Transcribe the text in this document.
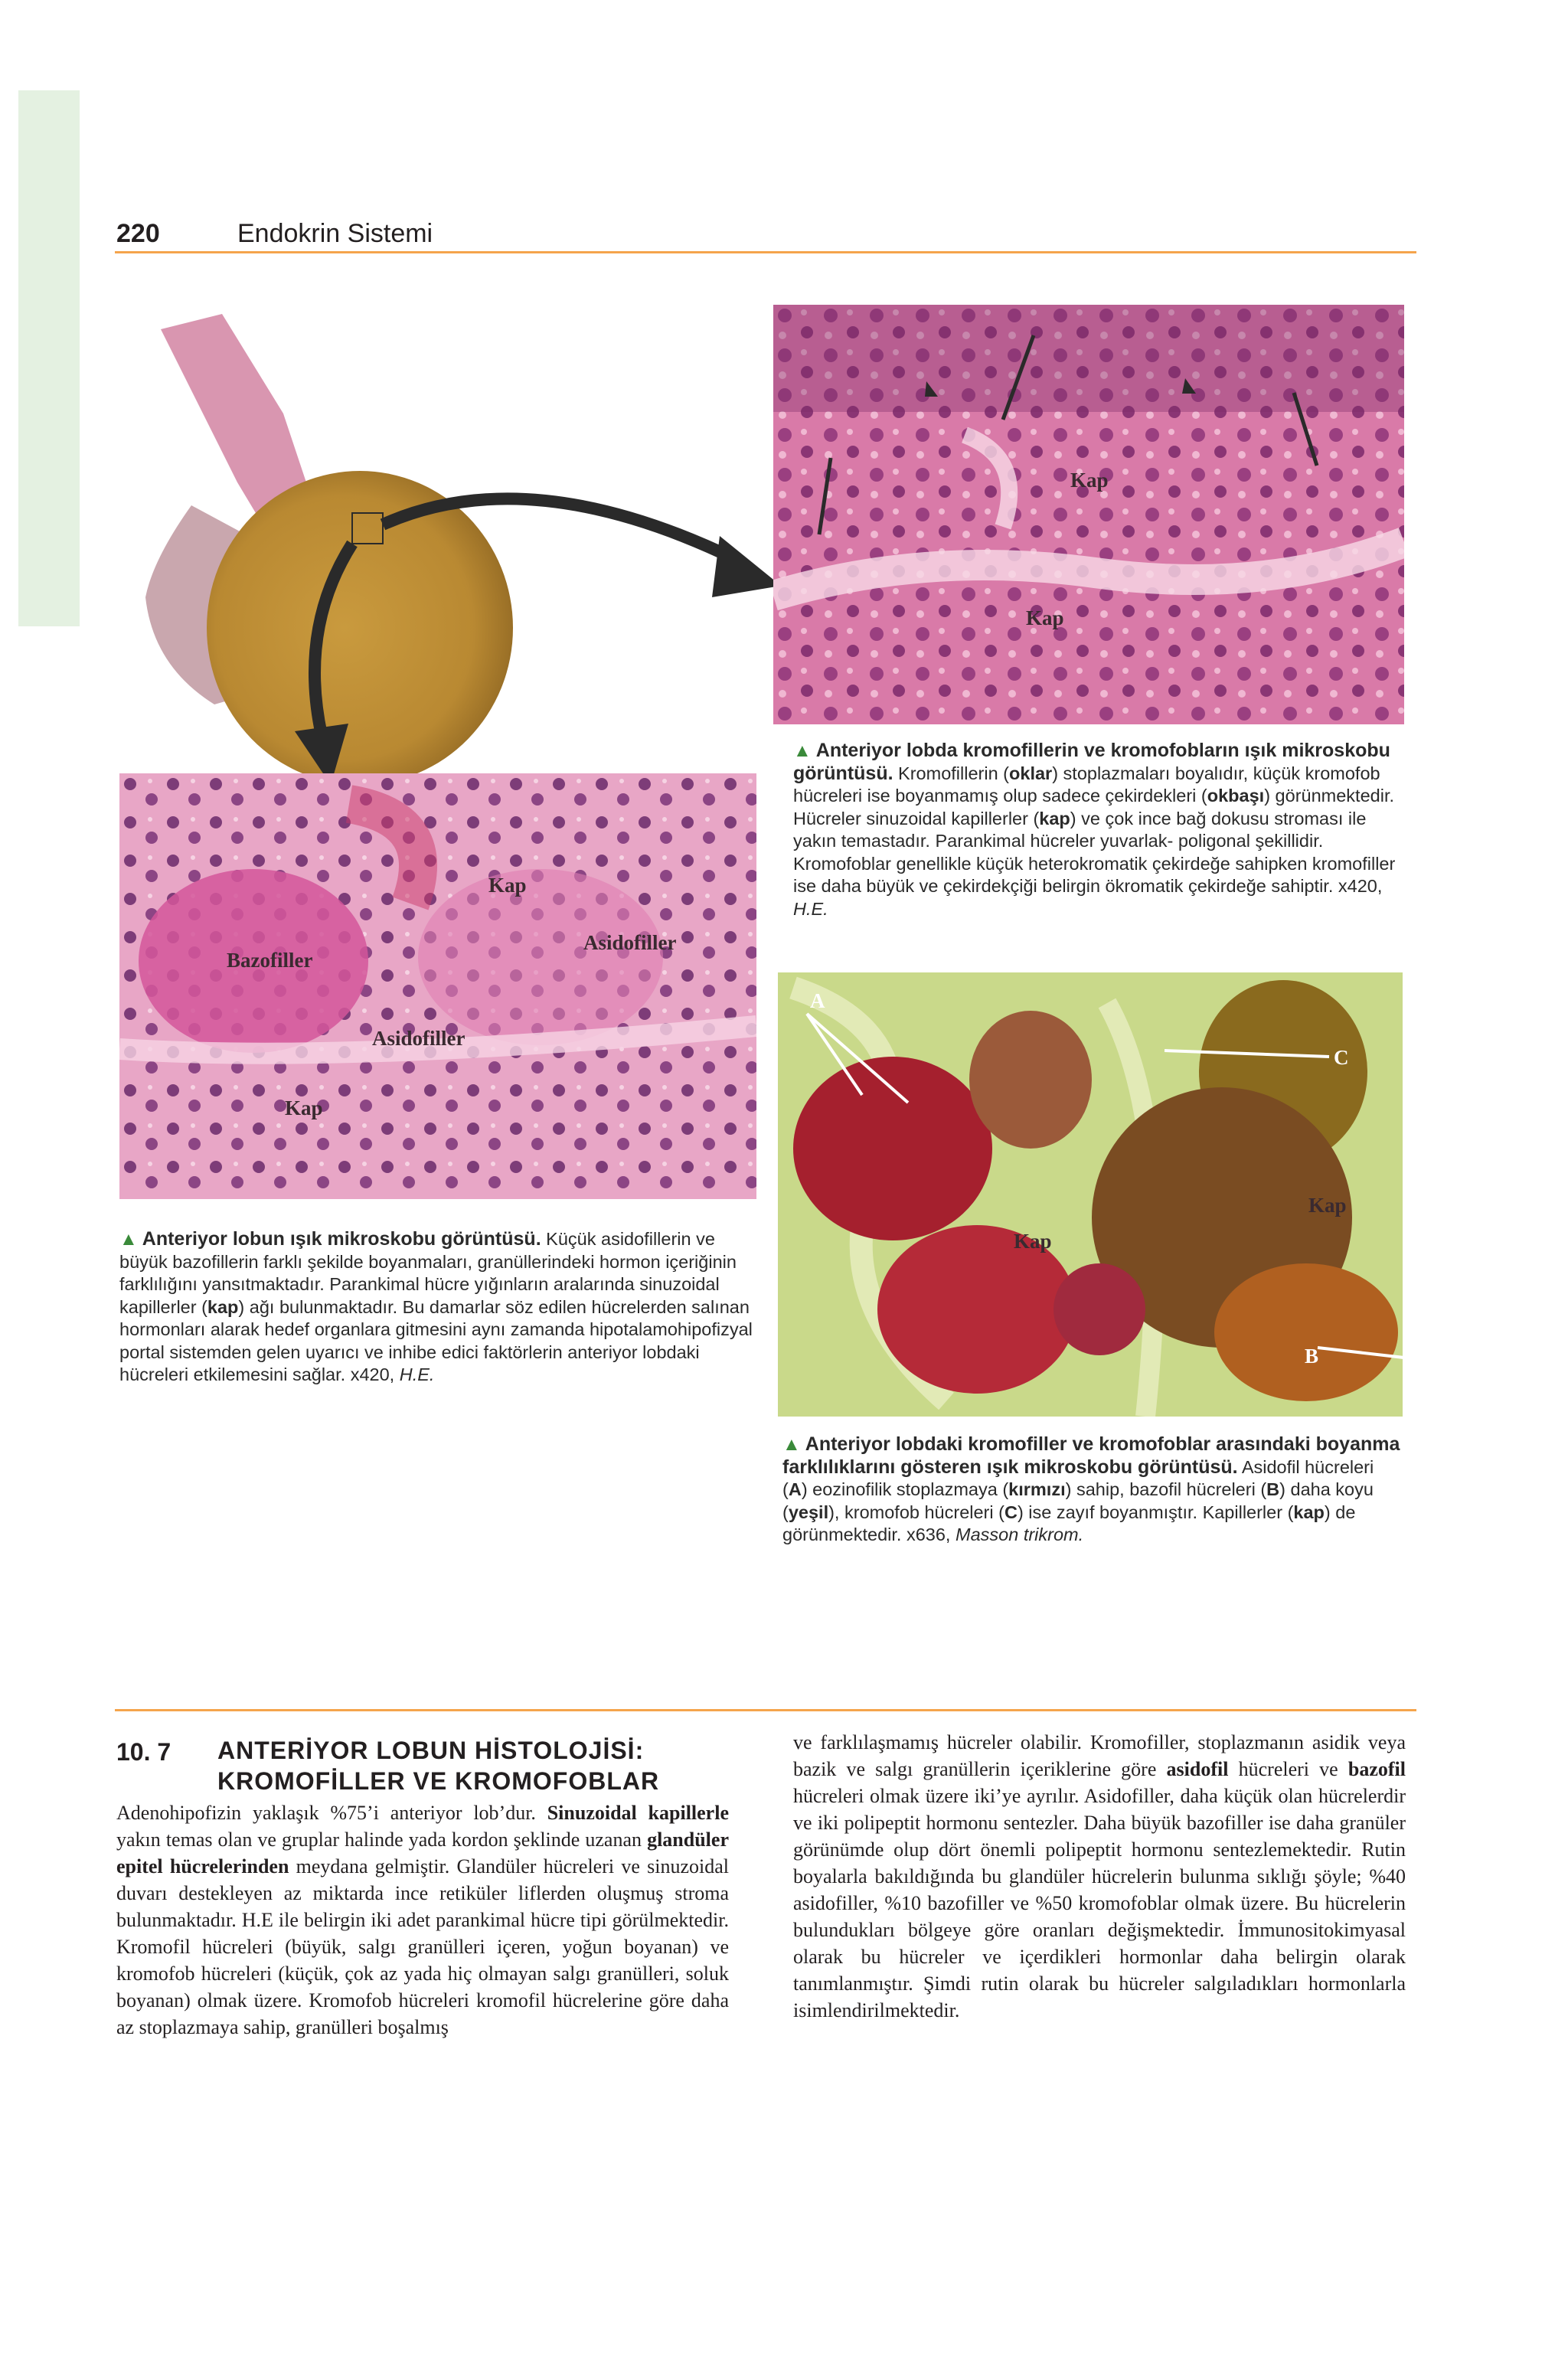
220	Endokrin Sistemi
Kap
Kap

▲ Anteriyor lobda kromofillerin ve kromofobların ışık mikroskobu görüntüsü. Kromofillerin (oklar) stoplazmaları boyalıdır, küçük kromofob hücreleri ise boyanmamış olup sadece çekirdekleri (okbaşı) görünmektedir. Hücreler sinuzoidal kapillerler (kap) ve çok ince bağ dokusu stroması ile yakın temastadır. Parankimal hücreler yuvarlak- poligonal şekillidir. Kromofoblar genellikle küçük heterokromatik çekirdeğe sahipken kromofiller ise daha büyük ve çekirdekçiği belirgin ökromatik çekirdeğe sahiptir. x420, H.E.

Kap
Bazofiller
Asidofiller
Asidofiller
Kap

▲ Anteriyor lobun ışık mikroskobu görüntüsü. Küçük asidofillerin ve büyük bazofillerin farklı şekilde boyanmaları, granüllerindeki hormon içeriğinin farklılığını yansıtmaktadır. Parankimal hücre yığınların aralarında sinuzoidal kapillerler (kap) ağı bulunmaktadır. Bu damarlar söz edilen hücrelerden salınan hormonları alarak hedef organlara gitmesini aynı zamanda hipotalamohipofizyal portal sistemden gelen uyarıcı ve inhibe edici faktörlerin anteriyor lobdaki hücreleri etkilemesini sağlar. x420, H.E.

A
C
Kap
Kap
B

▲ Anteriyor lobdaki kromofiller ve kromofoblar arasındaki boyanma farklılıklarını gösteren ışık mikroskobu görüntüsü. Asidofil hücreleri (A) eozinofilik stoplazmaya (kırmızı) sahip, bazofil hücreleri (B) daha koyu (yeşil), kromofob hücreleri (C) ise zayıf boyanmıştır. Kapillerler (kap) de görünmektedir. x636, Masson trikrom.

10. 7 ANTERİYOR LOBUN HİSTOLOJİSİ:
KROMOFİLLER VE KROMOFOBLAR

Adenohipofizin yaklaşık %75’i anteriyor lob’dur. Sinuzoidal kapillerle yakın temas olan ve gruplar halinde yada kordon şeklinde uzanan glandüler epitel hücrelerinden meydana gelmiştir. Glandüler hücreleri ve sinuzoidal duvarı destekleyen az miktarda ince retiküler liflerden oluşmuş stroma bulunmaktadır. H.E ile belirgin iki adet parankimal hücre tipi görülmektedir. Kromofil hücreleri (büyük, salgı granülleri içeren, yoğun boyanan) ve kromofob hücreleri (küçük, çok az yada hiç olmayan salgı granülleri, soluk boyanan) olmak üzere. Kromofob hücreleri kromofil hücrelerine göre daha az stoplazmaya sahip, granülleri boşalmış

ve farklılaşmamış hücreler olabilir. Kromofiller, stoplazmanın asidik veya bazik ve salgı granüllerin içeriklerine göre asidofil hücreleri ve bazofil hücreleri olmak üzere iki’ye ayrılır. Asidofiller, daha küçük olan hücrelerdir ve iki polipeptit hormonu sentezler. Daha büyük bazofiller ise daha granüler görünümde olup dört önemli polipeptit hormonu sentezlemektedir. Rutin boyalarla bakıldığında bu glandüler hücrelerin bulunma sıklığı şöyle; %40 asidofiller, %10 bazofiller ve %50 kromofoblar olmak üzere. Bu hücrelerin bulundukları bölgeye göre oranları değişmektedir. İmmunositokimyasal olarak bu hücreler ve içerdikleri hormonlar daha belirgin olarak tanımlanmıştır. Şimdi rutin olarak bu hücreler salgıladıkları hormonlarla isimlendirilmektedir.
